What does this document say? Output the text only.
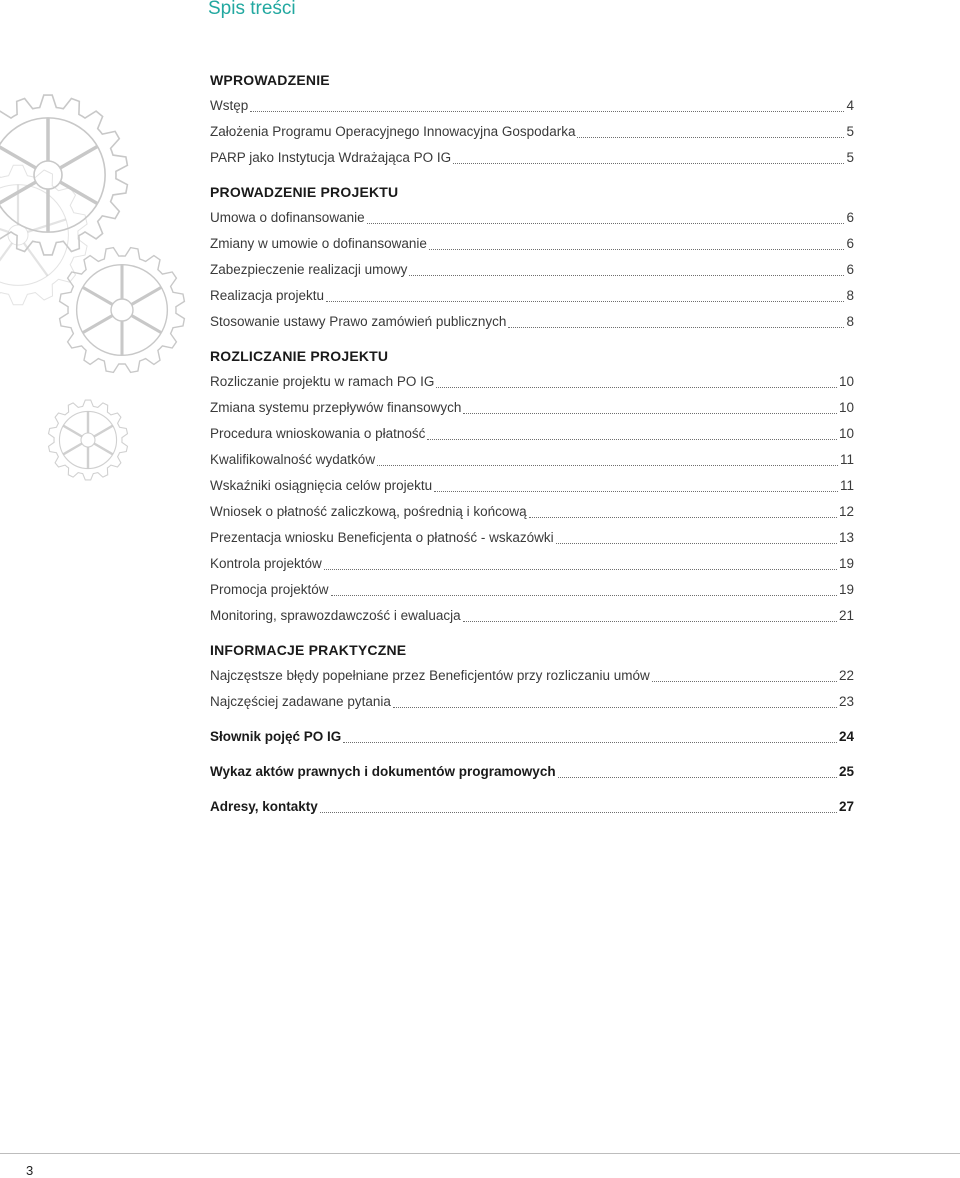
Spis treści
WPROWADZENIE
Wstęp	4
Założenia Programu Operacyjnego Innowacyjna Gospodarka	5
PARP jako Instytucja Wdrażająca PO IG	5
PROWADZENIE PROJEKTU
Umowa o dofinansowanie	6
Zmiany w umowie o dofinansowanie	6
Zabezpieczenie realizacji umowy	6
Realizacja projektu	8
Stosowanie ustawy Prawo zamówień publicznych	8
ROZLICZANIE PROJEKTU
Rozliczanie projektu w ramach PO IG	10
Zmiana systemu przepływów finansowych	10
Procedura wnioskowania o płatność	10
Kwalifikowalność wydatków	11
Wskaźniki osiągnięcia celów projektu	11
Wniosek o płatność zaliczkową, pośrednią i końcową	12
Prezentacja wniosku Beneficjenta o płatność - wskazówki	13
Kontrola projektów	19
Promocja projektów	19
Monitoring, sprawozdawczość i ewaluacja	21
INFORMACJE PRAKTYCZNE
Najczęstsze błędy popełniane przez Beneficjentów przy rozliczaniu umów	22
Najczęściej zadawane pytania	23
Słownik pojęć PO IG	24
Wykaz aktów prawnych i dokumentów programowych	25
Adresy, kontakty	27
3
